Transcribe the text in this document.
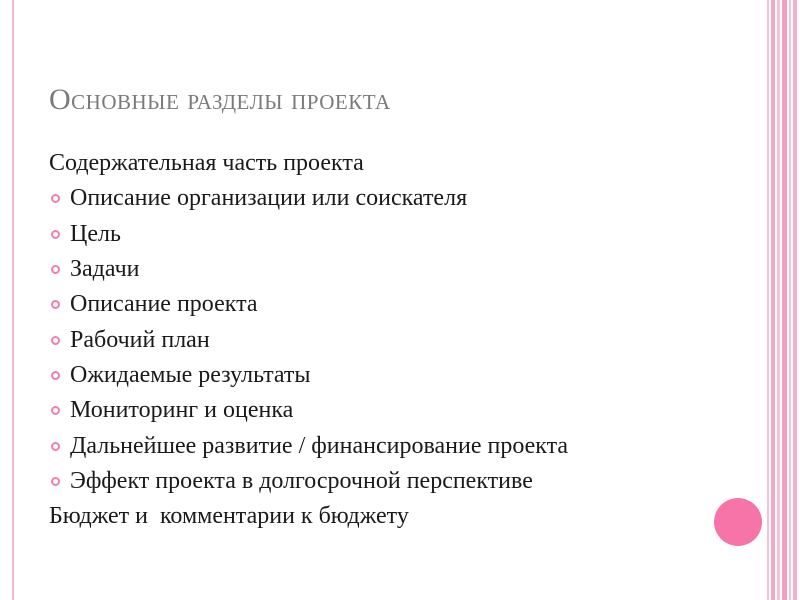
Основные разделы проекта
Содержательная часть проекта
Описание организации или соискателя
Цель
Задачи
Описание проекта
Рабочий план
Ожидаемые результаты
Мониторинг и оценка
Дальнейшее развитие / финансирование проекта
Эффект проекта в долгосрочной перспективе
Бюджет и  комментарии к бюджету
